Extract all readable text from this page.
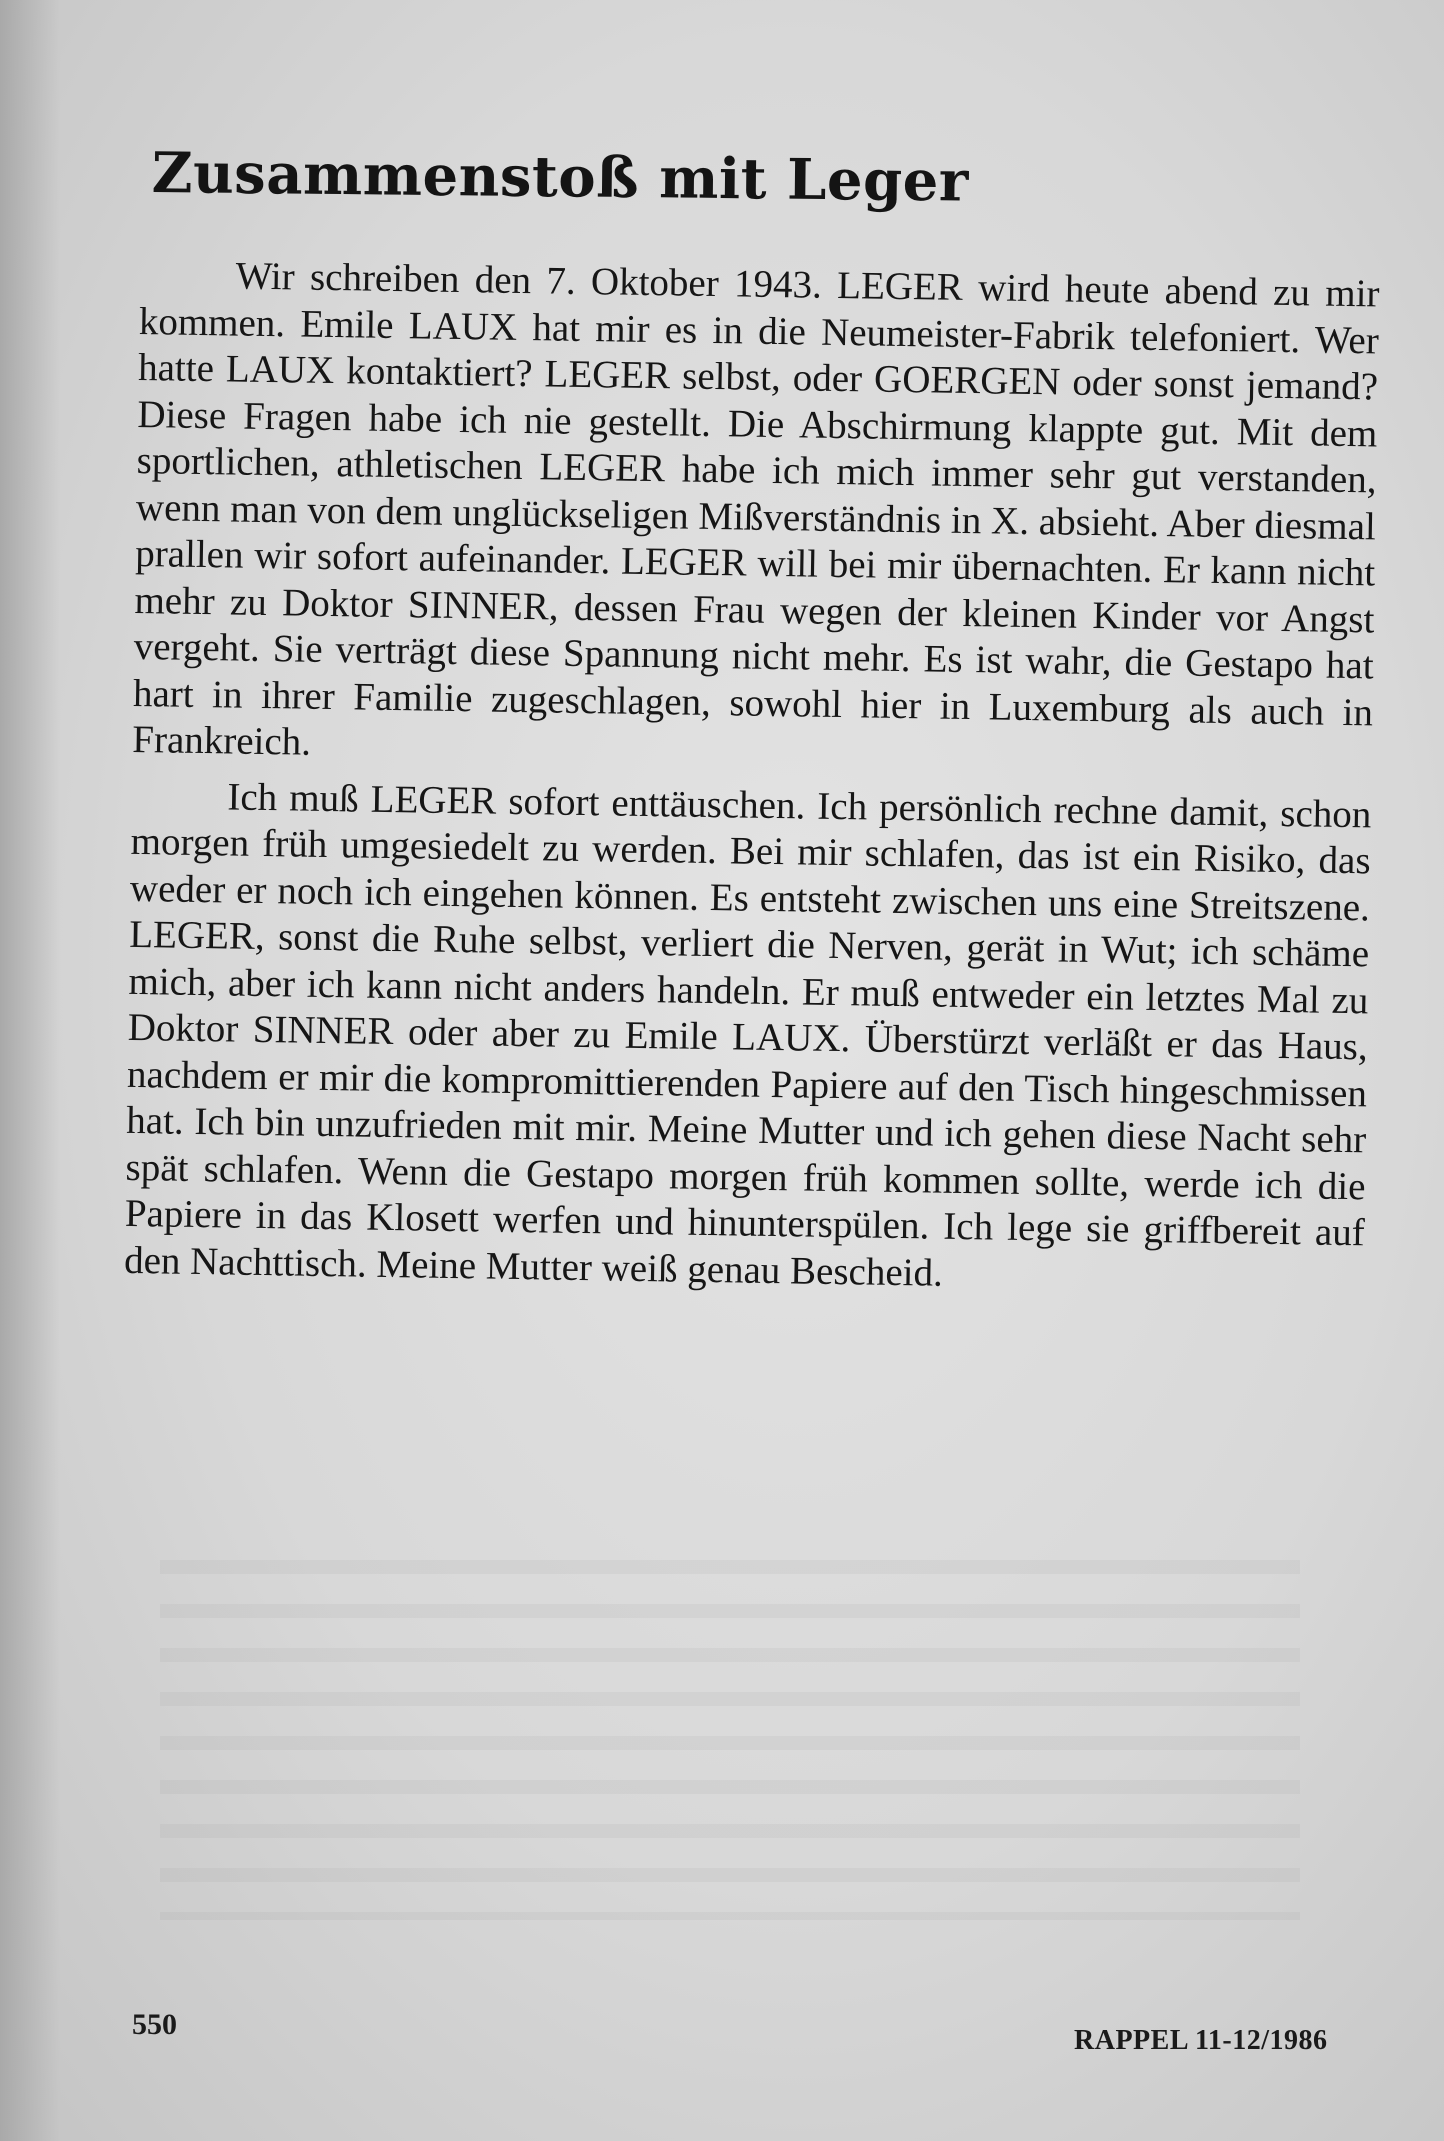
Zusammenstoß mit Leger

Wir schreiben den 7. Oktober 1943. LEGER wird heute abend zu mir kommen. Emile LAUX hat mir es in die Neumeister-Fabrik telefoniert. Wer hatte LAUX kontaktiert? LEGER selbst, oder GOERGEN oder sonst jemand? Diese Fragen habe ich nie gestellt. Die Abschirmung klappte gut. Mit dem sportlichen, athletischen LEGER habe ich mich immer sehr gut verstanden, wenn man von dem unglückseligen Mißverständnis in X. absieht. Aber diesmal prallen wir sofort aufeinander. LEGER will bei mir übernachten. Er kann nicht mehr zu Doktor SINNER, dessen Frau wegen der kleinen Kinder vor Angst vergeht. Sie verträgt diese Spannung nicht mehr. Es ist wahr, die Gestapo hat hart in ihrer Familie zugeschlagen, sowohl hier in Luxemburg als auch in Frankreich.

Ich muß LEGER sofort enttäuschen. Ich persönlich rechne damit, schon morgen früh umgesiedelt zu werden. Bei mir schlafen, das ist ein Risiko, das weder er noch ich eingehen können. Es entsteht zwischen uns eine Streitszene. LEGER, sonst die Ruhe selbst, verliert die Nerven, gerät in Wut; ich schäme mich, aber ich kann nicht anders handeln. Er muß entweder ein letztes Mal zu Doktor SINNER oder aber zu Emile LAUX. Überstürzt verläßt er das Haus, nachdem er mir die kompromittierenden Papiere auf den Tisch hingeschmissen hat. Ich bin unzufrieden mit mir. Meine Mutter und ich gehen diese Nacht sehr spät schlafen. Wenn die Gestapo morgen früh kommen sollte, werde ich die Papiere in das Klosett werfen und hinunterspülen. Ich lege sie griffbereit auf den Nachttisch. Meine Mutter weiß genau Bescheid.

550	RAPPEL 11-12/1986
